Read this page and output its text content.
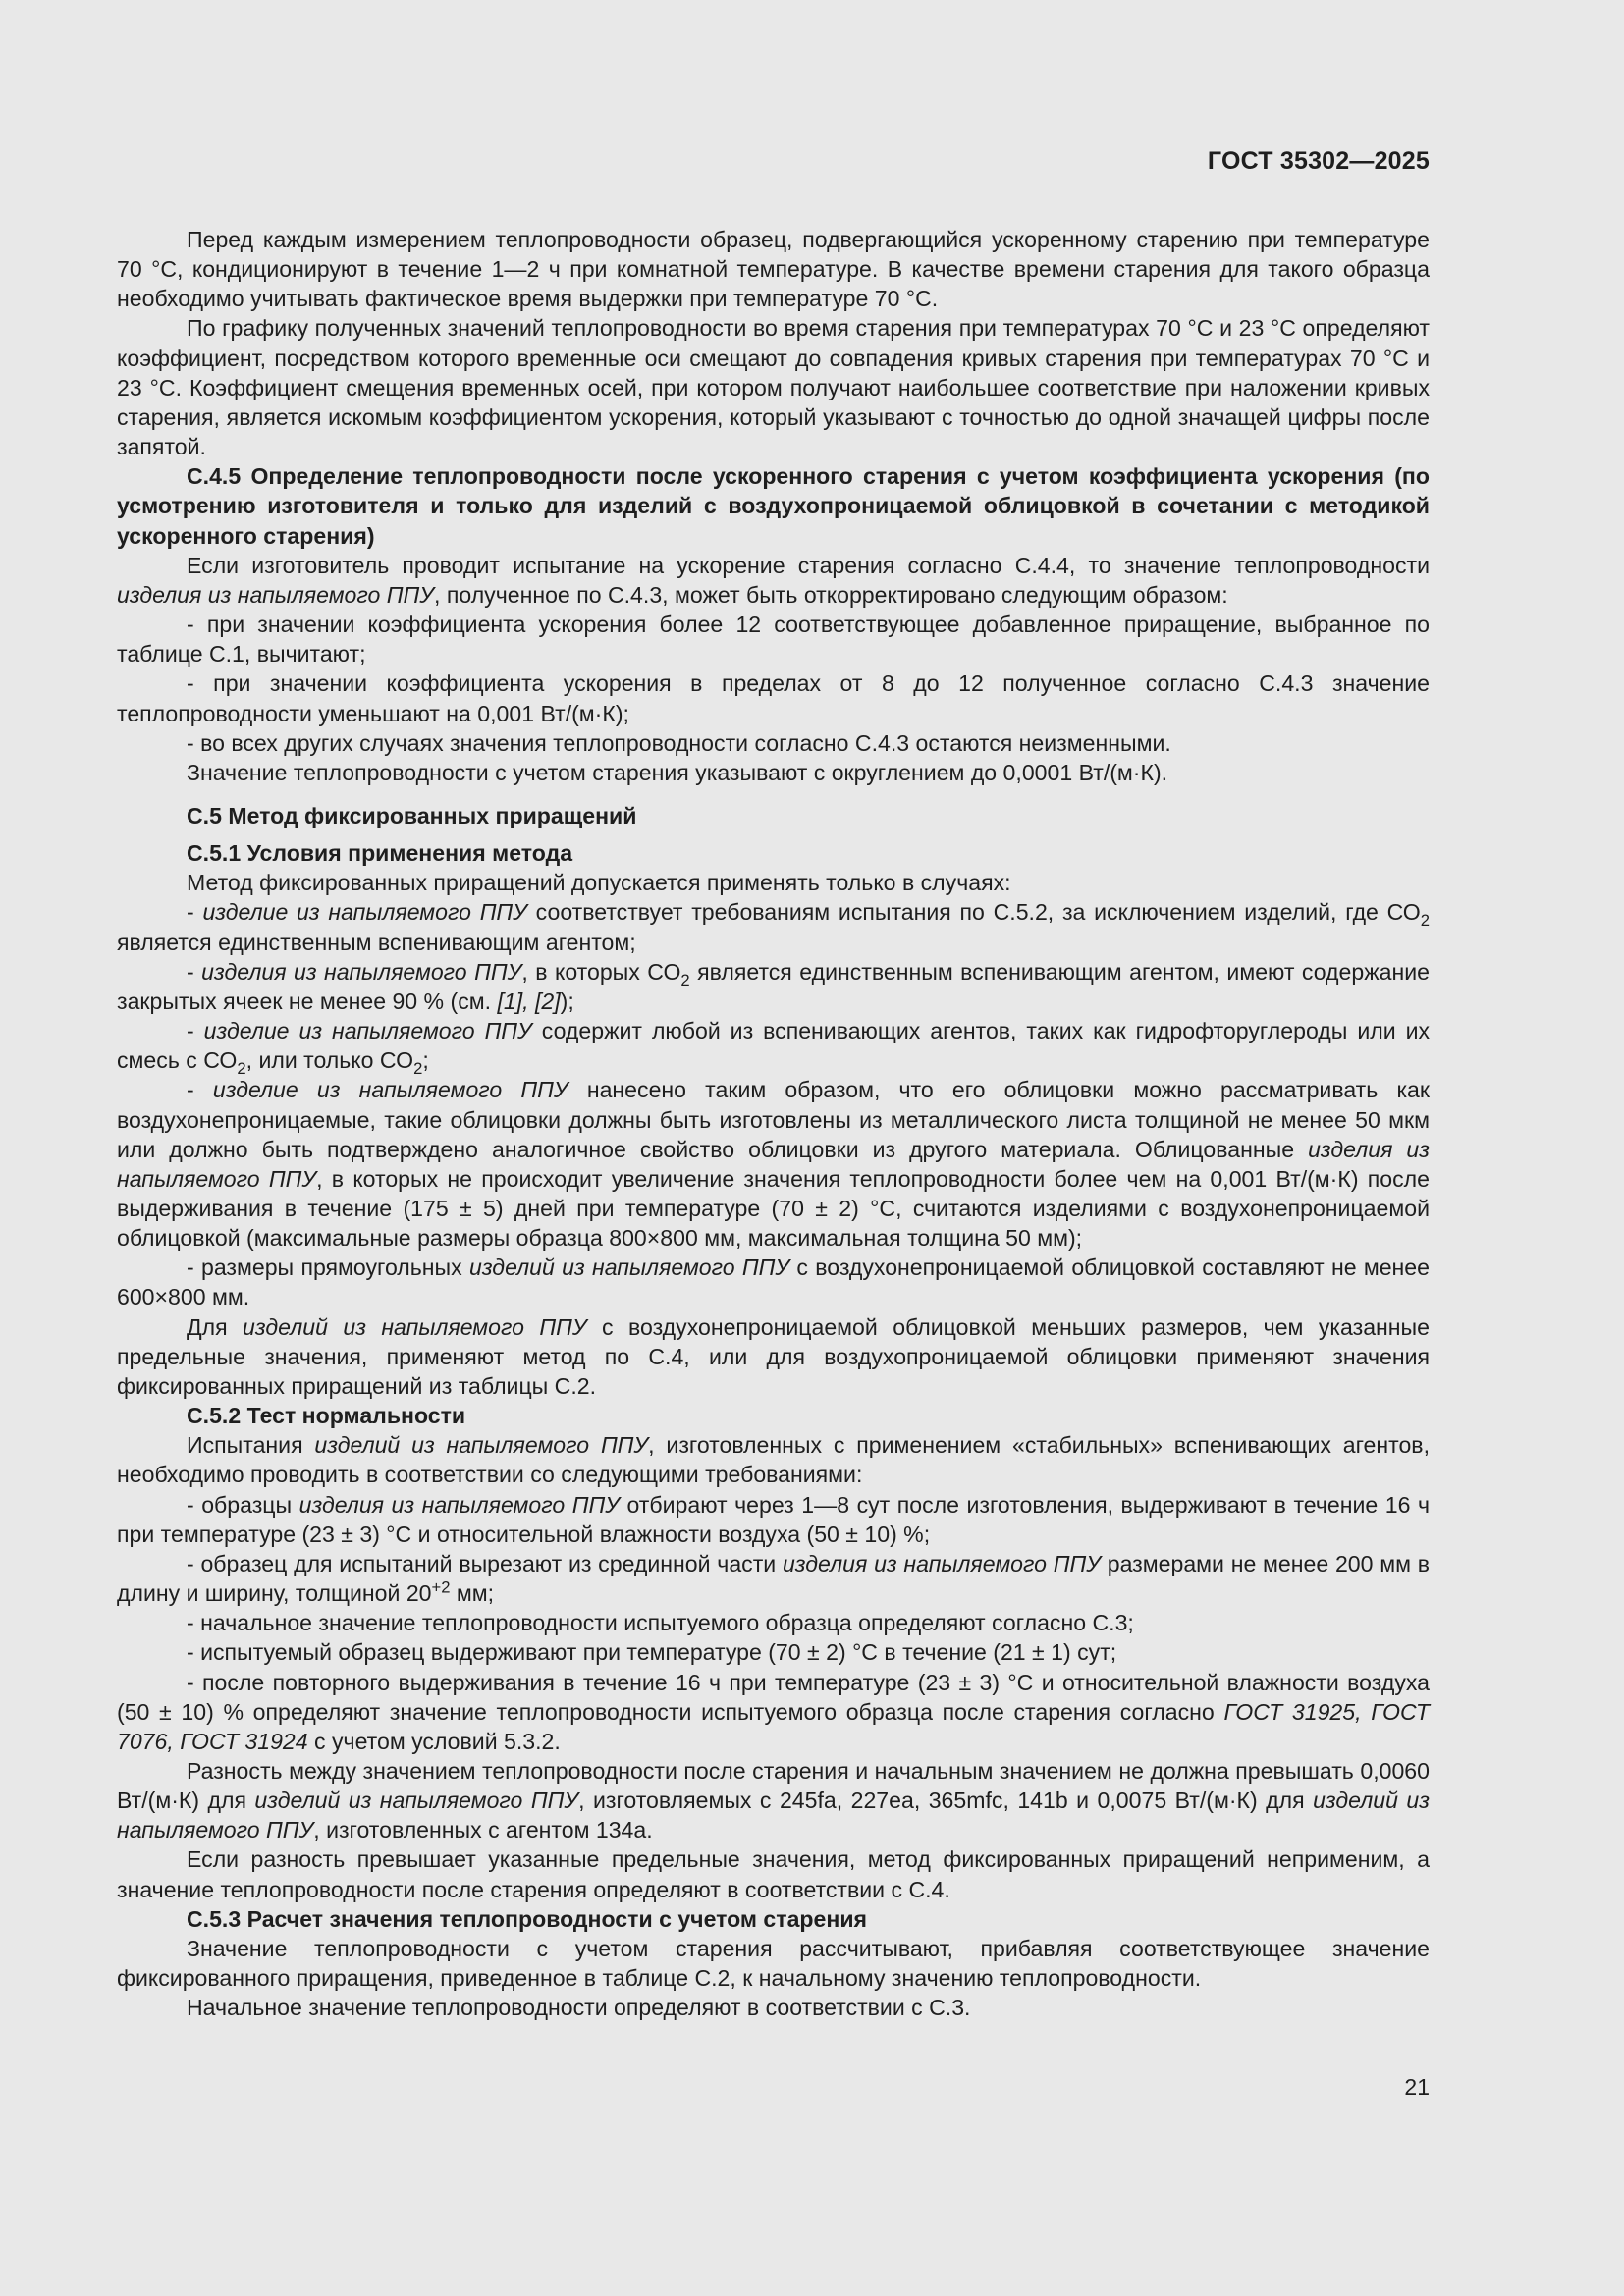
ГОСТ 35302—2025

Перед каждым измерением теплопроводности образец, подвергающийся ускоренному старению при температуре 70 °С, кондиционируют в течение 1—2 ч при комнатной температуре. В качестве времени старения для такого образца необходимо учитывать фактическое время выдержки при температуре 70 °С.

По графику полученных значений теплопроводности во время старения при температурах 70 °С и 23 °С определяют коэффициент, посредством которого временные оси смещают до совпадения кривых старения при температурах 70 °С и 23 °С. Коэффициент смещения временных осей, при котором получают наибольшее соответствие при наложении кривых старения, является искомым коэффициентом ускорения, который указывают с точностью до одной значащей цифры после запятой.

С.4.5 Определение теплопроводности после ускоренного старения с учетом коэффициента ускорения (по усмотрению изготовителя и только для изделий с воздухопроницаемой облицовкой в сочетании с методикой ускоренного старения)

Если изготовитель проводит испытание на ускорение старения согласно С.4.4, то значение теплопроводности изделия из напыляемого ППУ, полученное по С.4.3, может быть откорректировано следующим образом:

- при значении коэффициента ускорения более 12 соответствующее добавленное приращение, выбранное по таблице С.1, вычитают;

- при значении коэффициента ускорения в пределах от 8 до 12 полученное согласно С.4.3 значение теплопроводности уменьшают на 0,001 Вт/(м·К);

- во всех других случаях значения теплопроводности согласно С.4.3 остаются неизменными.

Значение теплопроводности с учетом старения указывают с округлением до 0,0001 Вт/(м·К).

С.5 Метод фиксированных приращений

С.5.1 Условия применения метода

Метод фиксированных приращений допускается применять только в случаях:

- изделие из напыляемого ППУ соответствует требованиям испытания по С.5.2, за исключением изделий, где $СО_2$ является единственным вспенивающим агентом;

- изделия из напыляемого ППУ, в которых $СО_2$ является единственным вспенивающим агентом, имеют содержание закрытых ячеек не менее 90 % (см. [1], [2]);

- изделие из напыляемого ППУ содержит любой из вспенивающих агентов, таких как гидрофторуглероды или их смесь с $СО_2$, или только $СО_2$;

- изделие из напыляемого ППУ нанесено таким образом, что его облицовки можно рассматривать как воздухонепроницаемые, такие облицовки должны быть изготовлены из металлического листа толщиной не менее 50 мкм или должно быть подтверждено аналогичное свойство облицовки из другого материала. Облицованные изделия из напыляемого ППУ, в которых не происходит увеличение значения теплопроводности более чем на 0,001 Вт/(м·К) после выдерживания в течение (175 ± 5) дней при температуре (70 ± 2) °С, считаются изделиями с воздухонепроницаемой облицовкой (максимальные размеры образца 800×800 мм, максимальная толщина 50 мм);

- размеры прямоугольных изделий из напыляемого ППУ с воздухонепроницаемой облицовкой составляют не менее 600×800 мм.

Для изделий из напыляемого ППУ с воздухонепроницаемой облицовкой меньших размеров, чем указанные предельные значения, применяют метод по С.4, или для воздухопроницаемой облицовки применяют значения фиксированных приращений из таблицы С.2.

С.5.2 Тест нормальности

Испытания изделий из напыляемого ППУ, изготовленных с применением «стабильных» вспенивающих агентов, необходимо проводить в соответствии со следующими требованиями:

- образцы изделия из напыляемого ППУ отбирают через 1—8 сут после изготовления, выдерживают в течение 16 ч при температуре (23 ± 3) °С и относительной влажности воздуха (50 ± 10) %;

- образец для испытаний вырезают из срединной части изделия из напыляемого ППУ размерами не менее 200 мм в длину и ширину, толщиной $20^{+2}$ мм;

- начальное значение теплопроводности испытуемого образца определяют согласно С.3;

- испытуемый образец выдерживают при температуре (70 ± 2) °С в течение (21 ± 1) сут;

- после повторного выдерживания в течение 16 ч при температуре (23 ± 3) °С и относительной влажности воздуха (50 ± 10) % определяют значение теплопроводности испытуемого образца после старения согласно ГОСТ 31925, ГОСТ 7076, ГОСТ 31924 с учетом условий 5.3.2.

Разность между значением теплопроводности после старения и начальным значением не должна превышать 0,0060 Вт/(м·К) для изделий из напыляемого ППУ, изготовляемых с 245fa, 227ea, 365mfc, 141b и 0,0075 Вт/(м·К) для изделий из напыляемого ППУ, изготовленных с агентом 134а.

Если разность превышает указанные предельные значения, метод фиксированных приращений неприменим, а значение теплопроводности после старения определяют в соответствии с С.4.

С.5.3 Расчет значения теплопроводности с учетом старения

Значение теплопроводности с учетом старения рассчитывают, прибавляя соответствующее значение фиксированного приращения, приведенное в таблице С.2, к начальному значению теплопроводности.

Начальное значение теплопроводности определяют в соответствии с С.3.

21
